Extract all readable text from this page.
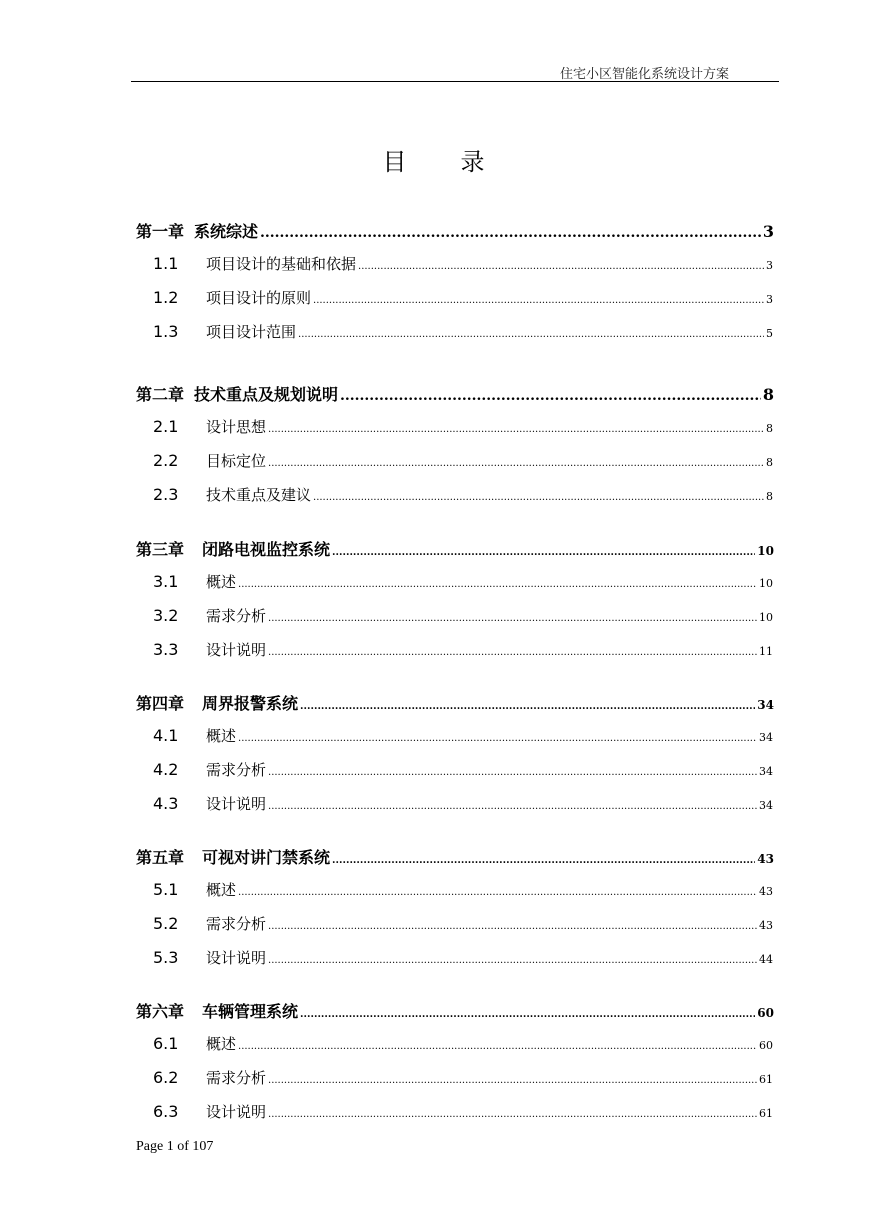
住宅小区智能化系统设计方案
目　　录
第一章 系统综述 .....	3
1.1	项目设计的基础和依据 .....	3
1.2	项目设计的原则 .....	3
1.3	项目设计范围 .....	5
第二章 技术重点及规划说明 .....	8
2.1	设计思想 .....	8
2.2	目标定位 .....	8
2.3	技术重点及建议 .....	8
第三章 闭路电视监控系统 .....	10
3.1	概述 .....	10
3.2	需求分析 .....	10
3.3	设计说明 .....	11
第四章 周界报警系统 .....	34
4.1	概述 .....	34
4.2	需求分析 .....	34
4.3	设计说明 .....	34
第五章 可视对讲门禁系统 .....	43
5.1	概述 .....	43
5.2	需求分析 .....	43
5.3	设计说明 .....	44
第六章 车辆管理系统 .....	60
6.1	概述 .....	60
6.2	需求分析 .....	61
6.3	设计说明 .....	61
Page 1 of 107
